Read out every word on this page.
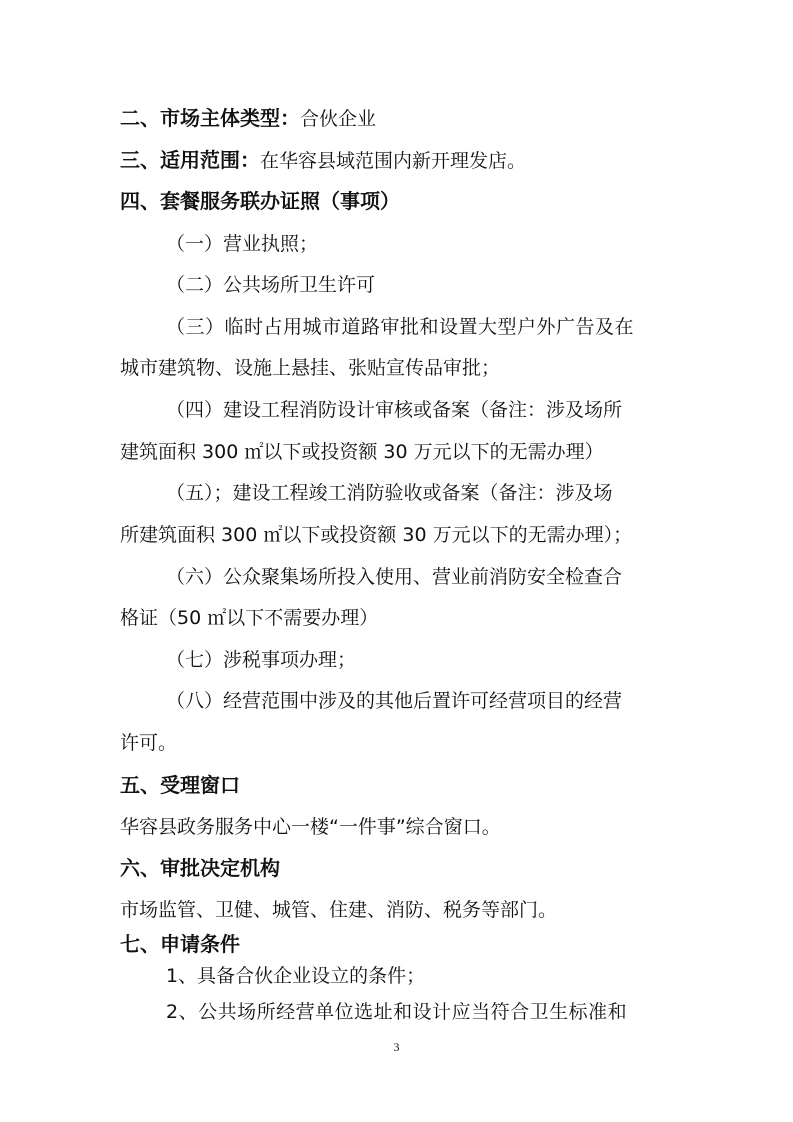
二、市场主体类型：合伙企业
三、适用范围：在华容县域范围内新开理发店。
四、套餐服务联办证照（事项）
（一）营业执照；
（二）公共场所卫生许可
（三）临时占用城市道路审批和设置大型户外广告及在
城市建筑物、设施上悬挂、张贴宣传品审批；
（四）建设工程消防设计审核或备案（备注：涉及场所
建筑面积 300 ㎡以下或投资额 30 万元以下的无需办理）
（五）；建设工程竣工消防验收或备案（备注：涉及场
所建筑面积 300 ㎡以下或投资额 30 万元以下的无需办理）；
（六）公众聚集场所投入使用、营业前消防安全检查合
格证（50 ㎡以下不需要办理）
（七）涉税事项办理；
（八）经营范围中涉及的其他后置许可经营项目的经营
许可。
五、受理窗口
华容县政务服务中心一楼“一件事”综合窗口。
六、审批决定机构
市场监管、卫健、城管、住建、消防、税务等部门。
七、申请条件
1、具备合伙企业设立的条件；
2、公共场所经营单位选址和设计应当符合卫生标准和
3
